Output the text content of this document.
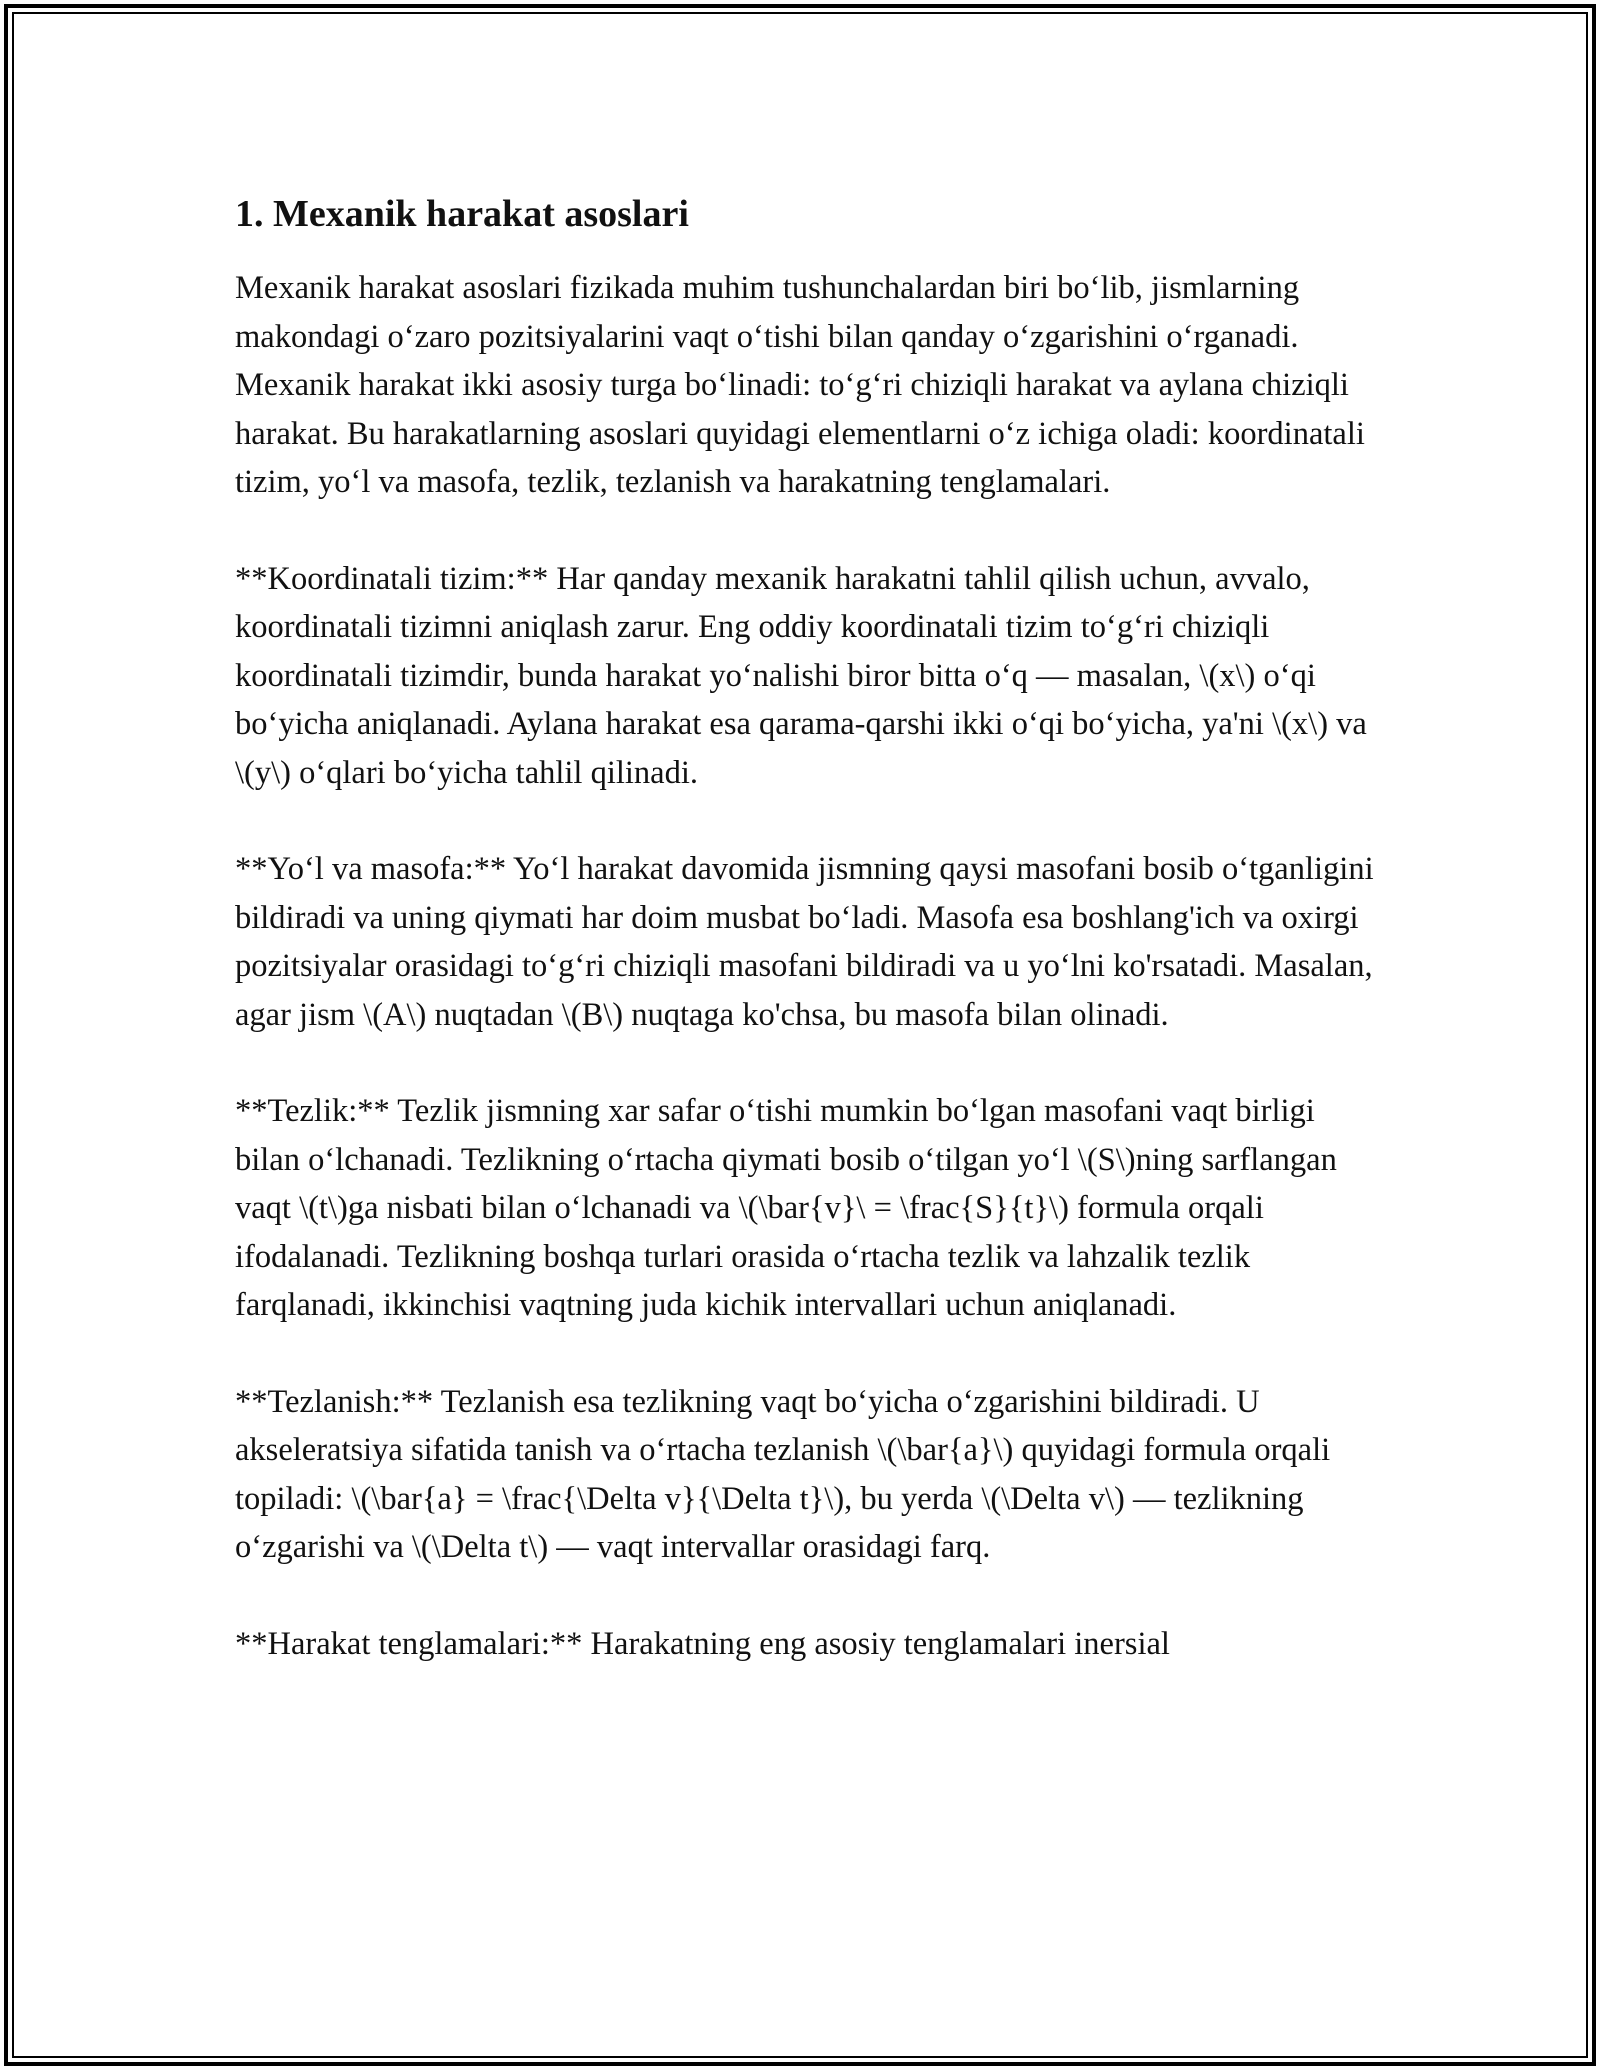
1. Mexanik harakat asoslari

Mexanik harakat asoslari fizikada muhim tushunchalardan biri bo‘lib, jismlarning makondagi o‘zaro pozitsiyalarini vaqt o‘tishi bilan qanday o‘zgarishini o‘rganadi. Mexanik harakat ikki asosiy turga bo‘linadi: to‘g‘ri chiziqli harakat va aylana chiziqli harakat. Bu harakatlarning asoslari quyidagi elementlarni o‘z ichiga oladi: koordinatali tizim, yo‘l va masofa, tezlik, tezlanish va harakatning tenglamalari.

**Koordinatali tizim:** Har qanday mexanik harakatni tahlil qilish uchun, avvalo, koordinatali tizimni aniqlash zarur. Eng oddiy koordinatali tizim to‘g‘ri chiziqli koordinatali tizimdir, bunda harakat yo‘nalishi biror bitta o‘q — masalan, \(x\) o‘qi bo‘yicha aniqlanadi. Aylana harakat esa qarama-qarshi ikki o‘qi bo‘yicha, ya'ni \(x\) va \(y\) o‘qlari bo‘yicha tahlil qilinadi.

**Yo‘l va masofa:** Yo‘l harakat davomida jismning qaysi masofani bosib o‘tganligini bildiradi va uning qiymati har doim musbat bo‘ladi. Masofa esa boshlang'ich va oxirgi pozitsiyalar orasidagi to‘g‘ri chiziqli masofani bildiradi va u yo‘lni ko'rsatadi. Masalan, agar jism \(A\) nuqtadan \(B\) nuqtaga ko'chsa, bu masofa bilan olinadi.

**Tezlik:** Tezlik jismning xar safar o‘tishi mumkin bo‘lgan masofani vaqt birligi bilan o‘lchanadi. Tezlikning o‘rtacha qiymati bosib o‘tilgan yo‘l \(S\)ning sarflangan vaqt \(t\)ga nisbati bilan o‘lchanadi va \(\bar{v}\ = \frac{S}{t}\) formula orqali ifodalanadi. Tezlikning boshqa turlari orasida o‘rtacha tezlik va lahzalik tezlik farqlanadi, ikkinchisi vaqtning juda kichik intervallari uchun aniqlanadi.

**Tezlanish:** Tezlanish esa tezlikning vaqt bo‘yicha o‘zgarishini bildiradi. U akseleratsiya sifatida tanish va o‘rtacha tezlanish \(\bar{a}\) quyidagi formula orqali topiladi: \(\bar{a} = \frac{\Delta v}{\Delta t}\), bu yerda \(\Delta v\) — tezlikning o‘zgarishi va \(\Delta t\) — vaqt intervallar orasidagi farq.

**Harakat tenglamalari:** Harakatning eng asosiy tenglamalari inersial
